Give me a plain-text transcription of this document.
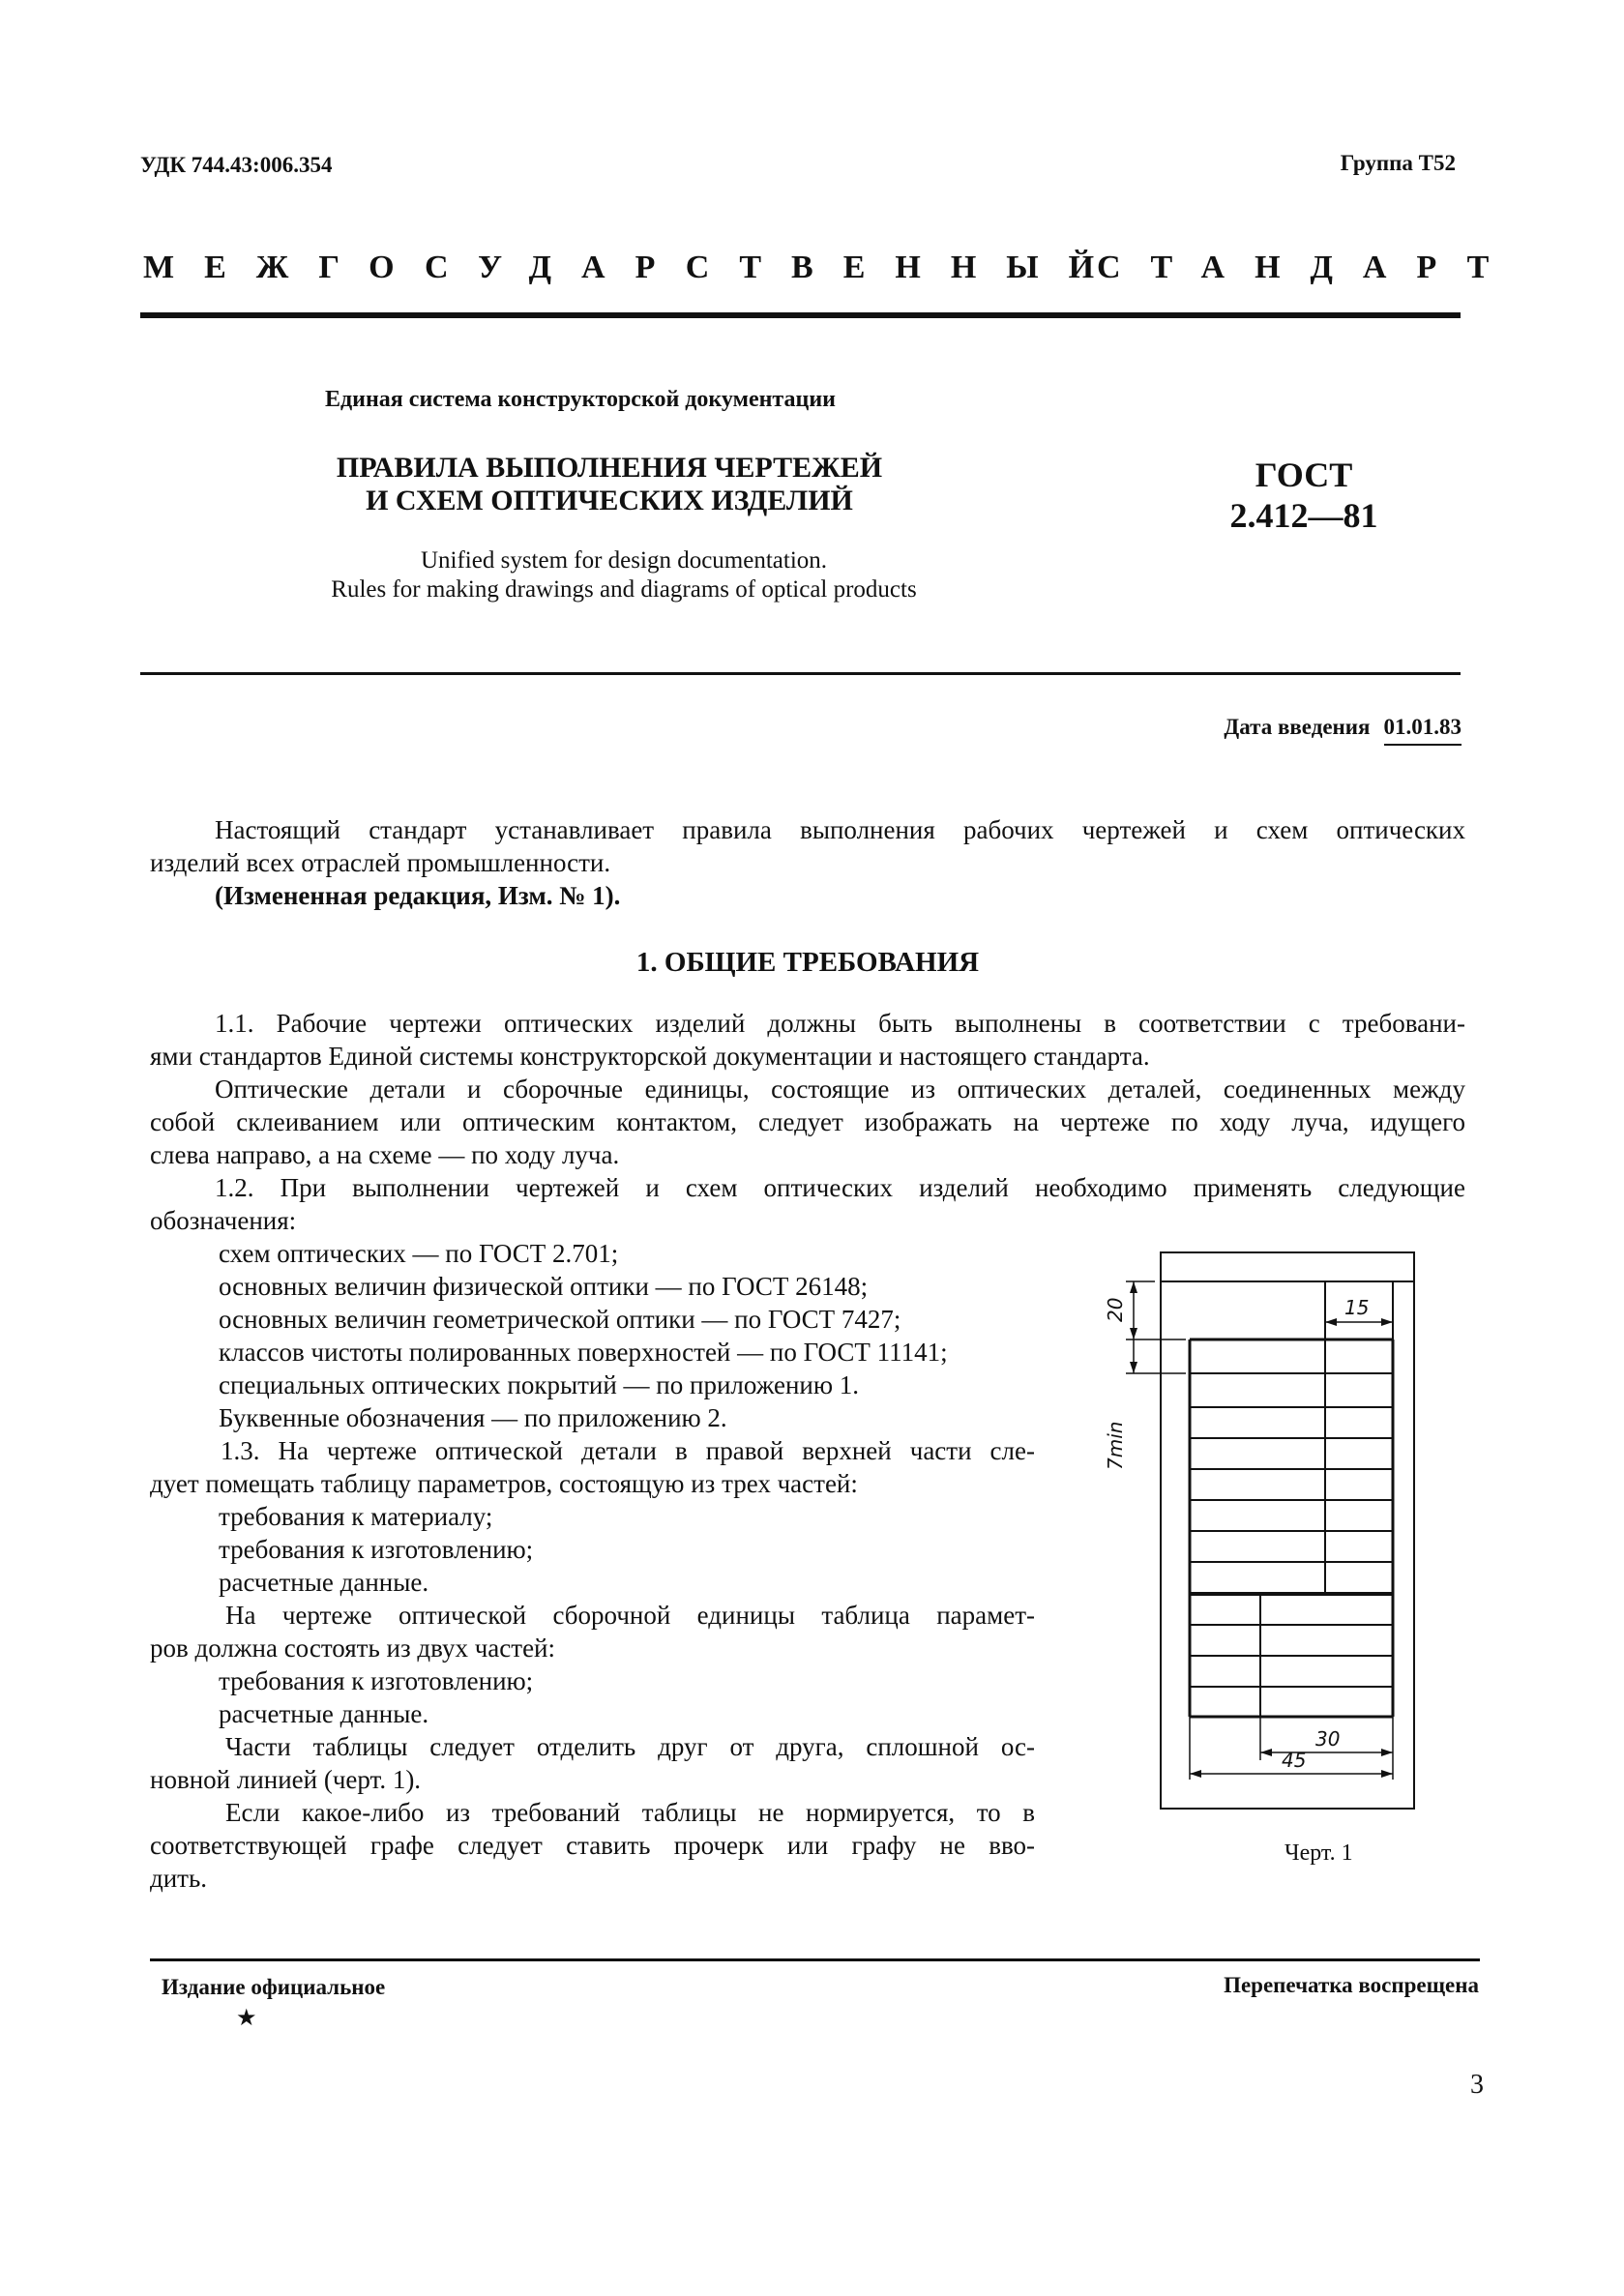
УДК 744.43:006.354	Группа Т52
МЕЖГОСУДАРСТВЕННЫЙ
СТАНДАРТ
Единая система конструкторской документации
ПРАВИЛА ВЫПОЛНЕНИЯ ЧЕРТЕЖЕЙ
И СХЕМ ОПТИЧЕСКИХ ИЗДЕЛИЙ
ГОСТ
2.412—81
Unified system for design documentation.
Rules for making drawings and diagrams of optical products
Дата введения 01.01.83
Настоящий стандарт устанавливает правила выполнения рабочих чертежей и схем оптических
изделий всех отраслей промышленности.
(Измененная редакция, Изм. № 1).
1. ОБЩИЕ ТРЕБОВАНИЯ
1.1. Рабочие чертежи оптических изделий должны быть выполнены в соответствии с требовани-
ями стандартов Единой системы конструкторской документации и настоящего стандарта.
Оптические детали и сборочные единицы, состоящие из оптических деталей, соединенных между
собой склеиванием или оптическим контактом, следует изображать на чертеже по ходу луча, идущего
слева направо, а на схеме — по ходу луча.
1.2. При выполнении чертежей и схем оптических изделий необходимо применять следующие
обозначения:
схем оптических — по ГОСТ 2.701;
основных величин физической оптики — по ГОСТ 26148;
основных величин геометрической оптики — по ГОСТ 7427;
классов чистоты полированных поверхностей — по ГОСТ 11141;
специальных оптических покрытий — по приложению 1.
Буквенные обозначения — по приложению 2.
1.3. На чертеже оптической детали в правой верхней части сле-
дует помещать таблицу параметров, состоящую из трех частей:
требования к материалу;
требования к изготовлению;
расчетные данные.
На чертеже оптической сборочной единицы таблица парамет-
ров должна состоять из двух частей:
требования к изготовлению;
расчетные данные.
Части таблицы следует отделить друг от друга, сплошной ос-
новной линией (черт. 1).
Если какое-либо из требований таблицы не нормируется, то в
соответствующей графе следует ставить прочерк или графу не вво-
дить.
20	15
7min
30
45
Черт. 1
Издание официальное	Перепечатка воспрещена
★
3
